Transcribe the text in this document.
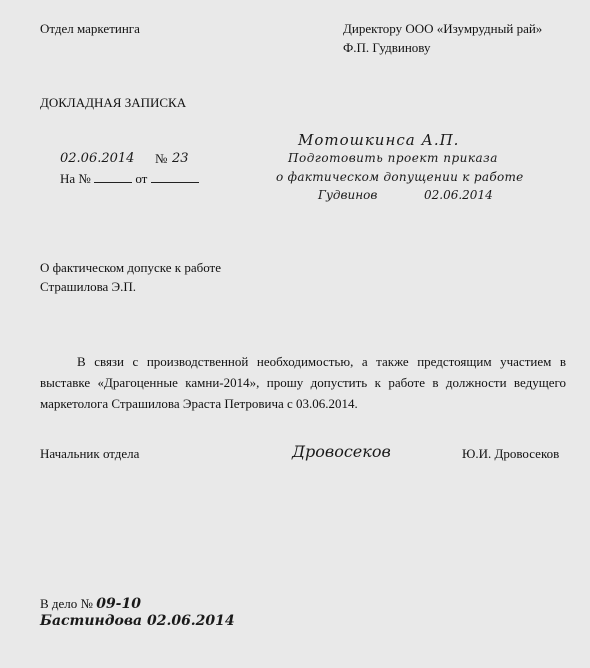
Отдел маркетинга	Директору ООО «Изумрудный рай»
Ф.П. Гудвинову
ДОКЛАДНАЯ ЗАПИСКА
02.06.2014 № 23
На №	от
Мотошкинса А.П.
Подготовить проект приказа
о фактическом допущении к работе
Гудвинов	02.06.2014
О фактическом допуске к работе
Страшилова Э.П.
В связи с производственной необходимостью, а также предстоящим участием в выставке «Драгоценные камни-2014», прошу допустить к работе в должности ведущего маркетолога Страшилова Эраста Петровича с 03.06.2014.
Начальник отдела	Дровосеков	Ю.И. Дровосеков
В дело № 09-10
Бастиндова 02.06.2014
